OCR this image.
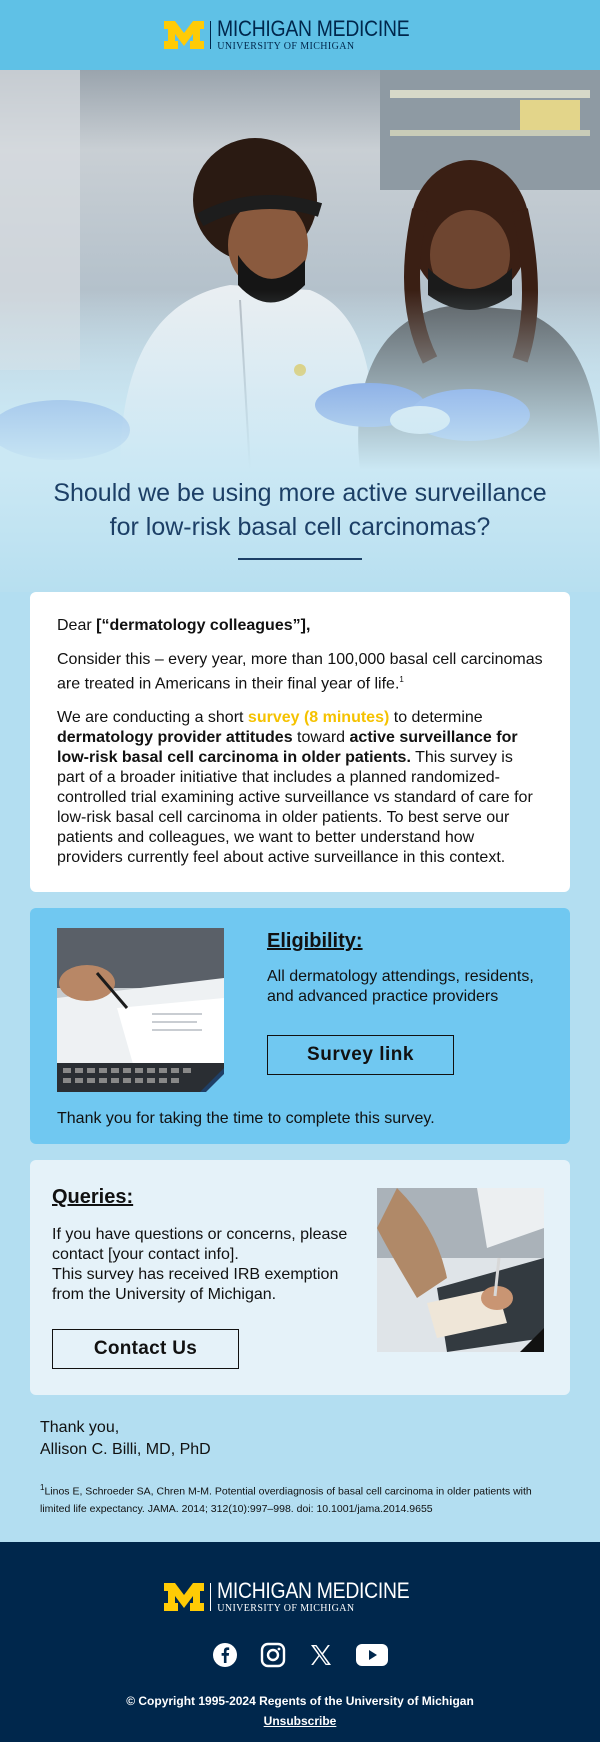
MICHIGAN MEDICINE
UNIVERSITY OF MICHIGAN
Should we be using more active surveillance for low-risk basal cell carcinomas?

Dear [“dermatology colleagues”],

Consider this – every year, more than 100,000 basal cell carcinomas are treated in Americans in their final year of life.$^1$

We are conducting a short survey (8 minutes) to determine dermatology provider attitudes toward active surveillance for low-risk basal cell carcinoma in older patients. This survey is part of a broader initiative that includes a planned randomized-controlled trial examining active surveillance vs standard of care for low-risk basal cell carcinoma in older patients. To best serve our patients and colleagues, we want to better understand how providers currently feel about active surveillance in this context.

Eligibility:

All dermatology attendings, residents, and advanced practice providers

Survey link
Thank you for taking the time to complete this survey.
Queries:

If you have questions or concerns, please contact [your contact info].
This survey has received IRB exemption from the University of Michigan.

Contact Us
Thank you,
Allison C. Billi, MD, PhD
$^1$Linos E, Schroeder SA, Chren M-M. Potential overdiagnosis of basal cell carcinoma in older patients with limited life expectancy. JAMA. 2014; 312(10):997–998. doi: 10.1001/jama.2014.9655
MICHIGAN MEDICINE
UNIVERSITY OF MICHIGAN
© Copyright 1995-2024 Regents of the University of Michigan
Unsubscribe
